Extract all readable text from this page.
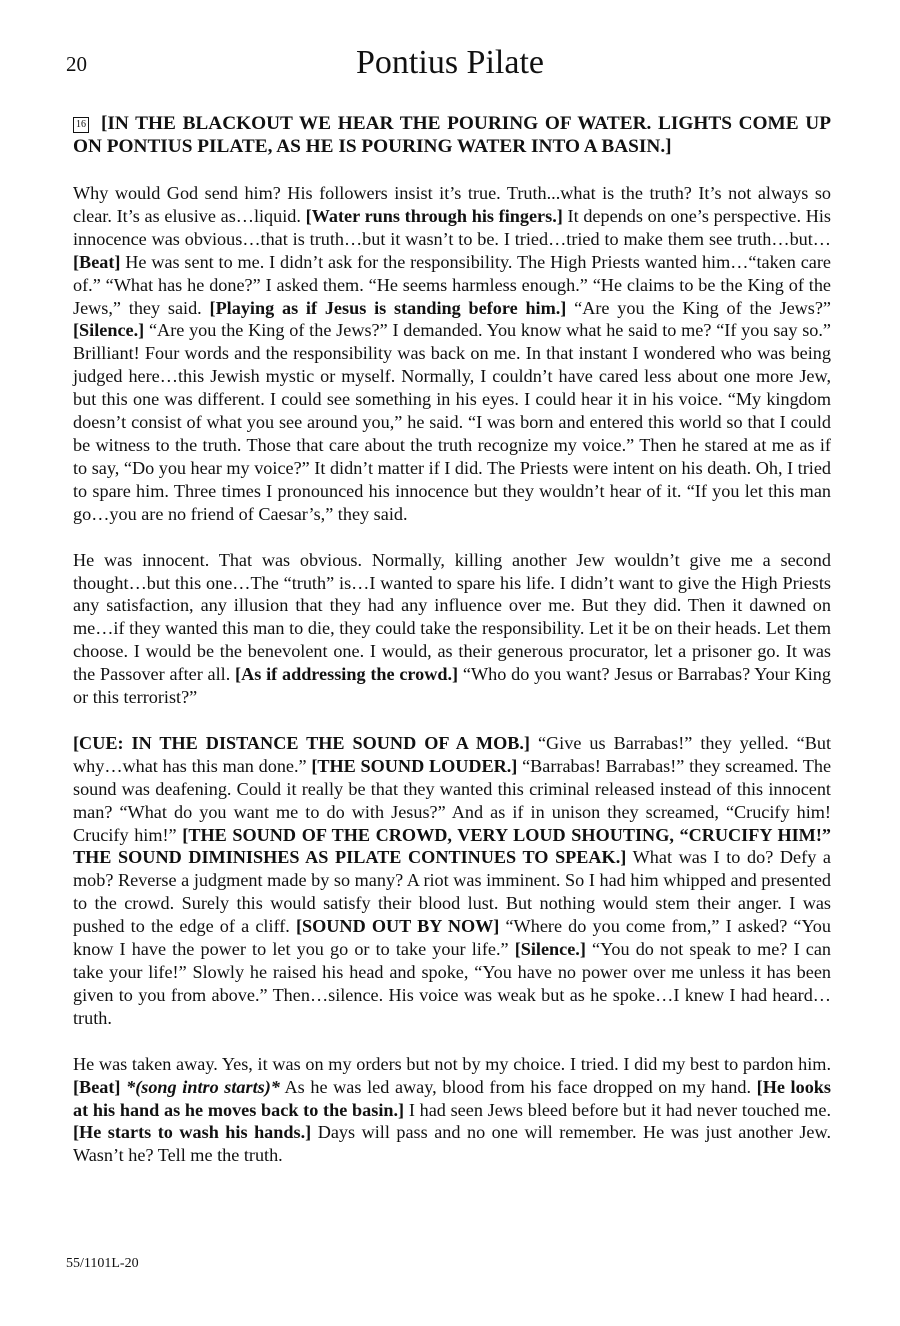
20	Pontius Pilate

16 [IN THE BLACKOUT WE HEAR THE POURING OF WATER. LIGHTS COME UP ON PONTIUS PILATE, AS HE IS POURING WATER INTO A BASIN.]

Why would God send him? His followers insist it’s true. Truth...what is the truth? It’s not always so clear. It’s as elusive as…liquid. [Water runs through his fingers.] It depends on one’s perspective. His innocence was obvious…that is truth…but it wasn’t to be. I tried…tried to make them see truth…but…[Beat] He was sent to me. I didn’t ask for the responsibility. The High Priests wanted him…“taken care of.” “What has he done?” I asked them. “He seems harmless enough.” “He claims to be the King of the Jews,” they said. [Playing as if Jesus is standing before him.] “Are you the King of the Jews?” [Silence.] “Are you the King of the Jews?” I demanded. You know what he said to me? “If you say so.” Brilliant! Four words and the responsibility was back on me. In that instant I wondered who was being judged here…this Jewish mystic or myself. Normally, I couldn’t have cared less about one more Jew, but this one was different. I could see something in his eyes. I could hear it in his voice. “My kingdom doesn’t consist of what you see around you,” he said. “I was born and entered this world so that I could be witness to the truth. Those that care about the truth recognize my voice.” Then he stared at me as if to say, “Do you hear my voice?” It didn’t matter if I did. The Priests were intent on his death. Oh, I tried to spare him. Three times I pronounced his innocence but they wouldn’t hear of it. “If you let this man go…you are no friend of Caesar’s,” they said.

He was innocent. That was obvious. Normally, killing another Jew wouldn’t give me a second thought…but this one…The “truth” is…I wanted to spare his life. I didn’t want to give the High Priests any satisfaction, any illusion that they had any influence over me. But they did. Then it dawned on me…if they wanted this man to die, they could take the responsibility. Let it be on their heads. Let them choose. I would be the benevolent one. I would, as their generous procurator, let a prisoner go. It was the Passover after all. [As if addressing the crowd.] “Who do you want? Jesus or Barrabas? Your King or this terrorist?”

[CUE: IN THE DISTANCE THE SOUND OF A MOB.] “Give us Barrabas!” they yelled. “But why…what has this man done.” [THE SOUND LOUDER.] “Barrabas! Barrabas!” they screamed. The sound was deafening. Could it really be that they wanted this criminal released instead of this innocent man? “What do you want me to do with Jesus?” And as if in unison they screamed, “Crucify him! Crucify him!” [THE SOUND OF THE CROWD, VERY LOUD SHOUTING, “CRUCIFY HIM!” THE SOUND DIMINISHES AS PILATE CONTINUES TO SPEAK.] What was I to do? Defy a mob? Reverse a judgment made by so many? A riot was imminent. So I had him whipped and presented to the crowd. Surely this would satisfy their blood lust. But nothing would stem their anger. I was pushed to the edge of a cliff. [SOUND OUT BY NOW] “Where do you come from,” I asked? “You know I have the power to let you go or to take your life.” [Silence.] “You do not speak to me? I can take your life!” Slowly he raised his head and spoke, “You have no power over me unless it has been given to you from above.” Then…silence. His voice was weak but as he spoke…I knew I had heard…truth.

He was taken away. Yes, it was on my orders but not by my choice. I tried. I did my best to pardon him. [Beat] *(song intro starts)* As he was led away, blood from his face dropped on my hand. [He looks at his hand as he moves back to the basin.] I had seen Jews bleed before but it had never touched me. [He starts to wash his hands.] Days will pass and no one will remember. He was just another Jew. Wasn’t he? Tell me the truth.

55/1101L-20
